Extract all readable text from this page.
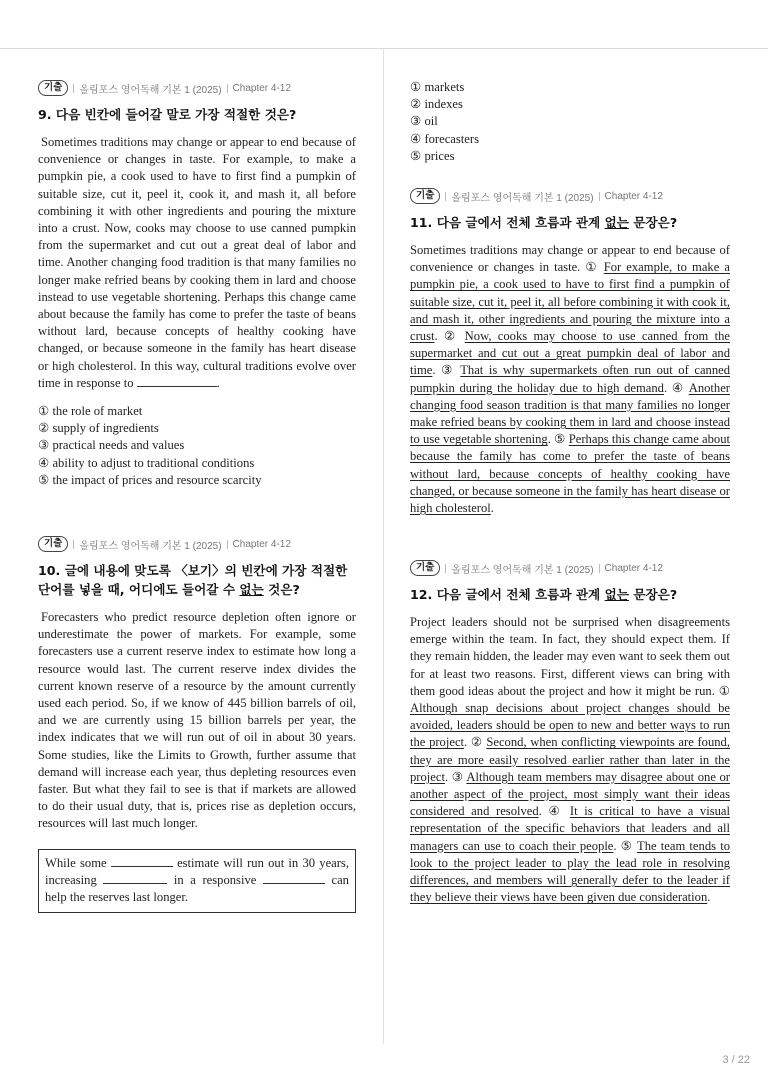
기출	올림포스 영어독해 기본 1 (2025) Chapter 4-12

9. 다음 빈칸에 들어갈 말로 가장 적절한 것은?

Sometimes traditions may change or appear to end because of convenience or changes in taste. For example, to make a pumpkin pie, a cook used to have to first find a pumpkin of suitable size, cut it, peel it, cook it, and mash it, all before combining it with other ingredients and pouring the mixture into a crust. Now, cooks may choose to use canned pumpkin from the supermarket and cut out a great deal of labor and time. Another changing food tradition is that many families no longer make refried beans by cooking them in lard and choose instead to use vegetable shortening. Perhaps this change came about because the family has come to prefer the taste of beans without lard, because concepts of healthy cooking have changed, or because someone in the family has heart disease or high cholesterol. In this way, cultural traditions evolve over time in response to	.

① the role of market
② supply of ingredients
③ practical needs and values
④ ability to adjust to traditional conditions
⑤ the impact of prices and resource scarcity
기출	올림포스 영어독해 기본 1 (2025) Chapter 4-12

10. 글에 내용에 맞도록 〈보기〉의 빈칸에 가장 적절한 단어를 넣을 때, 어디에도 들어갈 수 없는 것은?

Forecasters who predict resource depletion often ignore or underestimate the power of markets. For example, some forecasters use a current reserve index to estimate how long a resource would last. The current reserve index divides the current known reserve of a resource by the amount currently used each period. So, if we know of 445 billion barrels of oil, and we are currently using 15 billion barrels per year, the index indicates that we will run out of oil in about 30 years. Some studies, like the Limits to Growth, further assume that demand will increase each year, thus depleting resources even faster. But what they fail to see is that if markets are allowed to do their usual duty, that is, prices rise as depletion occurs, resources will last much longer.

While some	estimate will run out in 30 years, increasing	in a responsive	can help the reserves last longer.
① markets
② indexes
③ oil
④ forecasters
⑤ prices
기출	올림포스 영어독해 기본 1 (2025) Chapter 4-12

11. 다음 글에서 전체 흐름과 관계 없는 문장은?

Sometimes traditions may change or appear to end because of convenience or changes in taste. ① For example, to make a pumpkin pie, a cook used to have to first find a pumpkin of suitable size, cut it, peel it, all before combining it with cook it, and mash it, other ingredients and pouring the mixture into a crust. ② Now, cooks may choose to use canned from the supermarket and cut out a great pumpkin deal of labor and time. ③ That is why supermarkets often run out of canned pumpkin during the holiday due to high demand. ④ Another changing food season tradition is that many families no longer make refried beans by cooking them in lard and choose instead to use vegetable shortening. ⑤ Perhaps this change came about because the family has come to prefer the taste of beans without lard, because concepts of healthy cooking have changed, or because someone in the family has heart disease or high cholesterol.

기출	올림포스 영어독해 기본 1 (2025) Chapter 4-12

12. 다음 글에서 전체 흐름과 관계 없는 문장은?

Project leaders should not be surprised when disagreements emerge within the team. In fact, they should expect them. If they remain hidden, the leader may even want to seek them out for at least two reasons. First, different views can bring with them good ideas about the project and how it might be run. ① Although snap decisions about project changes should be avoided, leaders should be open to new and better ways to run the project. ② Second, when conflicting viewpoints are found, they are more easily resolved earlier rather than later in the project. ③ Although team members may disagree about one or another aspect of the project, most simply want their ideas considered and resolved. ④ It is critical to have a visual representation of the specific behaviors that leaders and all managers can use to coach their people. ⑤ The team tends to look to the project leader to play the lead role in resolving differences, and members will generally defer to the leader if they believe their views have been given due consideration.

3 / 22
